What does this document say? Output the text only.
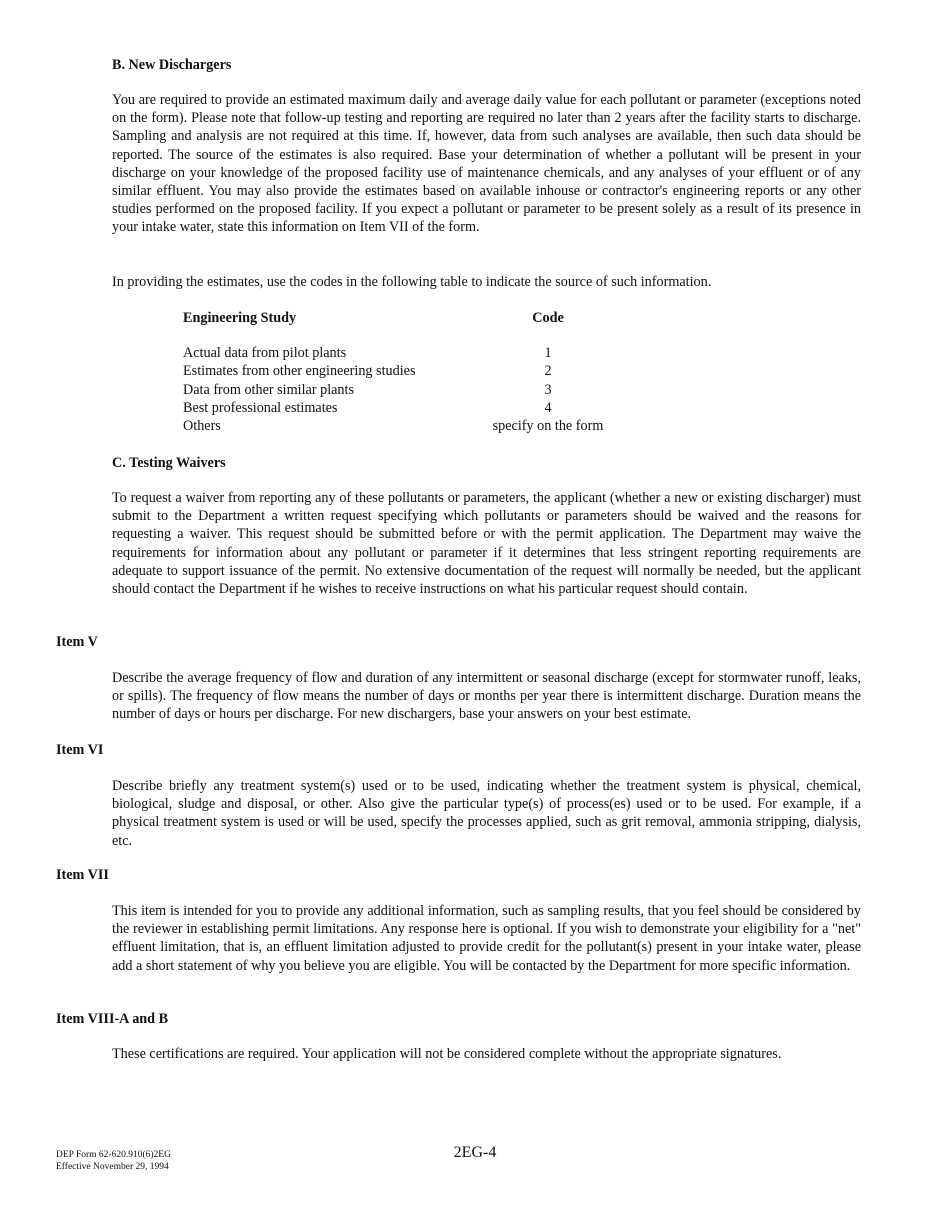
B. New Dischargers

You are required to provide an estimated maximum daily and average daily value for each pollutant or parameter (exceptions noted on the form). Please note that follow-up testing and reporting are required no later than 2 years after the facility starts to discharge. Sampling and analysis are not required at this time. If, however, data from such analyses are available, then such data should be reported. The source of the estimates is also required. Base your determination of whether a pollutant will be present in your discharge on your knowledge of the proposed facility use of maintenance chemicals, and any analyses of your effluent or of any similar effluent. You may also provide the estimates based on available inhouse or contractor's engineering reports or any other studies performed on the proposed facility. If you expect a pollutant or parameter to be present solely as a result of its presence in your intake water, state this information on Item VII of the form.

In providing the estimates, use the codes in the following table to indicate the source of such information.

Engineering Study	Code
Actual data from pilot plants	1
Estimates from other engineering studies	2
Data from other similar plants	3
Best professional estimates	4
Others	specify on the form
C. Testing Waivers

To request a waiver from reporting any of these pollutants or parameters, the applicant (whether a new or existing discharger) must submit to the Department a written request specifying which pollutants or parameters should be waived and the reasons for requesting a waiver. This request should be submitted before or with the permit application. The Department may waive the requirements for information about any pollutant or parameter if it determines that less stringent reporting requirements are adequate to support issuance of the permit. No extensive documentation of the request will normally be needed, but the applicant should contact the Department if he wishes to receive instructions on what his particular request should contain.

Item V

Describe the average frequency of flow and duration of any intermittent or seasonal discharge (except for stormwater runoff, leaks, or spills). The frequency of flow means the number of days or months per year there is intermittent discharge. Duration means the number of days or hours per discharge. For new dischargers, base your answers on your best estimate.

Item VI

Describe briefly any treatment system(s) used or to be used, indicating whether the treatment system is physical, chemical, biological, sludge and disposal, or other. Also give the particular type(s) of process(es) used or to be used. For example, if a physical treatment system is used or will be used, specify the processes applied, such as grit removal, ammonia stripping, dialysis, etc.

Item VII

This item is intended for you to provide any additional information, such as sampling results, that you feel should be considered by the reviewer in establishing permit limitations. Any response here is optional. If you wish to demonstrate your eligibility for a "net" effluent limitation, that is, an effluent limitation adjusted to provide credit for the pollutant(s) present in your intake water, please add a short statement of why you believe you are eligible. You will be contacted by the Department for more specific information.

Item VIII-A and B

These certifications are required. Your application will not be considered complete without the appropriate signatures.

DEP Form 62-620.910(6)2EG
Effective November 29, 1994
2EG-4
